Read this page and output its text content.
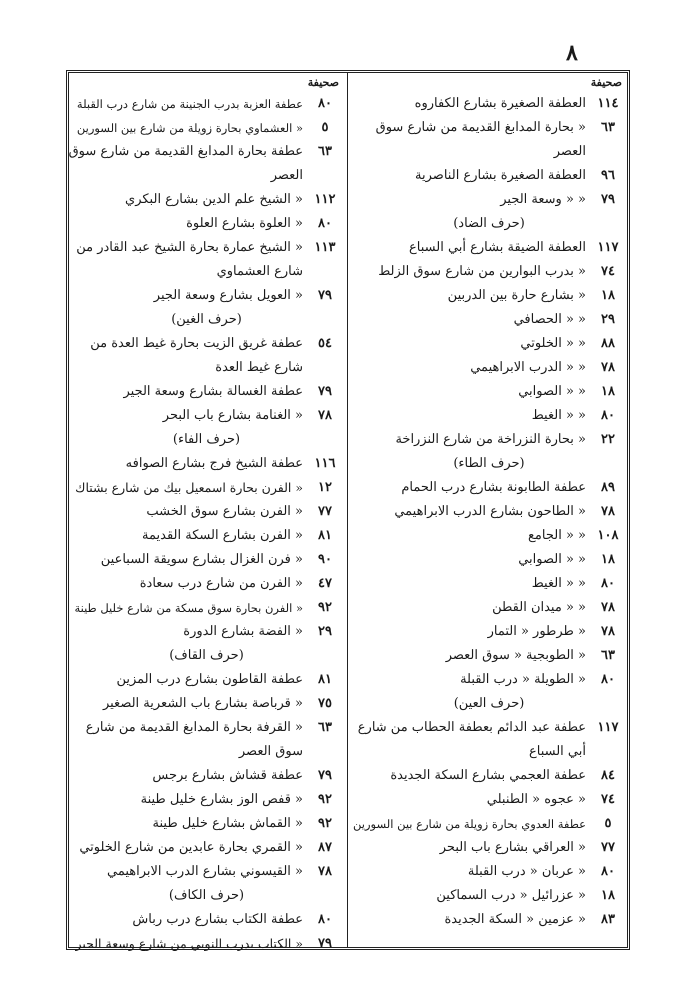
٨
صحيفة
١١٤
العطفة الصغيرة بشارع الكفاروه
٦٣
« بحارة المدابغ القديمة من شارع سوق العصر
٩٦
العطفة الصغيرة بشارع الناصرية
٧٩
« « وسعة الجير
(حرف الضاد)
١١٧
العطفة الضيقة بشارع أبي السباع
٧٤
« بدرب البوارين من شارع سوق الزلط
١٨
« بشارع حارة بين الدربين
٢٩
« « الحصافي
٨٨
« « الخلوتي
٧٨
« « الدرب الابراهيمي
١٨
« « الصوابي
٨٠
« « الغيط
٢٢
« بحارة النزراخة من شارع النزراخة
(حرف الطاء)
٨٩
عطفة الطابونة بشارع درب الحمام
٧٨
« الطاحون بشارع الدرب الابراهيمي
١٠٨
« « الجامع
١٨
« « الصوابي
٨٠
« « الغيط
٧٨
« « ميدان القطن
٧٨
« طرطور « التمار
٦٣
« الطوبجية « سوق العصر
٨٠
« الطويلة « درب القبلة
(حرف العين)
١١٧
عطفة عبد الدائم بعطفة الحطاب من شارع أبي السباع
٨٤
عطفة العجمي بشارع السكة الجديدة
٧٤
« عجوه « الطنبلي
٥
عطفة العدوي بحارة زويلة من شارع بين السورين
٧٧
« العراقي بشارع باب البحر
٨٠
« عربان « درب القبلة
١٨
« عزرائيل « درب السماكين
٨٣
« عزمين « السكة الجديدة
صحيفة
٨٠
عطفة العزبة بدرب الجنينة من شارع درب القبلة
٥
« العشماوي بحارة زويلة من شارع بين السورين
٦٣
عطفة بحارة المدابغ القديمة من شارع سوق العصر
١١٢
« الشيخ علم الدين بشارع البكري
٨٠
« العلوة بشارع العلوة
١١٣
« الشيخ عمارة بحارة الشيخ عبد القادر من شارع العشماوي
٧٩
« العويل بشارع وسعة الجير
(حرف الغين)
٥٤
عطفة غريق الزيت بحارة غيط العدة من شارع غيط العدة
٧٩
عطفة الغسالة بشارع وسعة الجير
٧٨
« الغنامة بشارع باب البحر
(حرف الفاء)
١١٦
عطفة الشيخ فرج بشارع الصوافه
١٢
« الفرن بحارة اسمعيل بيك من شارع بشتاك
٧٧
« الفرن بشارع سوق الخشب
٨١
« الفرن بشارع السكة القديمة
٩٠
« فرن الغزال بشارع سويقة السباعين
٤٧
« الفرن من شارع درب سعادة
٩٢
« الفرن بحارة سوق مسكة من شارع خليل طينة
٢٩
« الفضة بشارع الدورة
(حرف القاف)
٨١
عطفة القاطون بشارع درب المزين
٧٥
« قرباصة بشارع باب الشعرية الصغير
٦٣
« القرفة بحارة المدابغ القديمة من شارع سوق العصر
٧٩
عطفة قشاش بشارع برجس
٩٢
« قفص الوز بشارع خليل طينة
٩٢
« القماش بشارع خليل طينة
٨٧
« القمري بحارة عابدين من شارع الخلوتي
٧٨
« القيسوني بشارع الدرب الابراهيمي
(حرف الكاف)
٨٠
عطفة الكتاب بشارع درب رباش
٧٩
« الكتاب بدرب النوبي من شارع وسعة الجير
